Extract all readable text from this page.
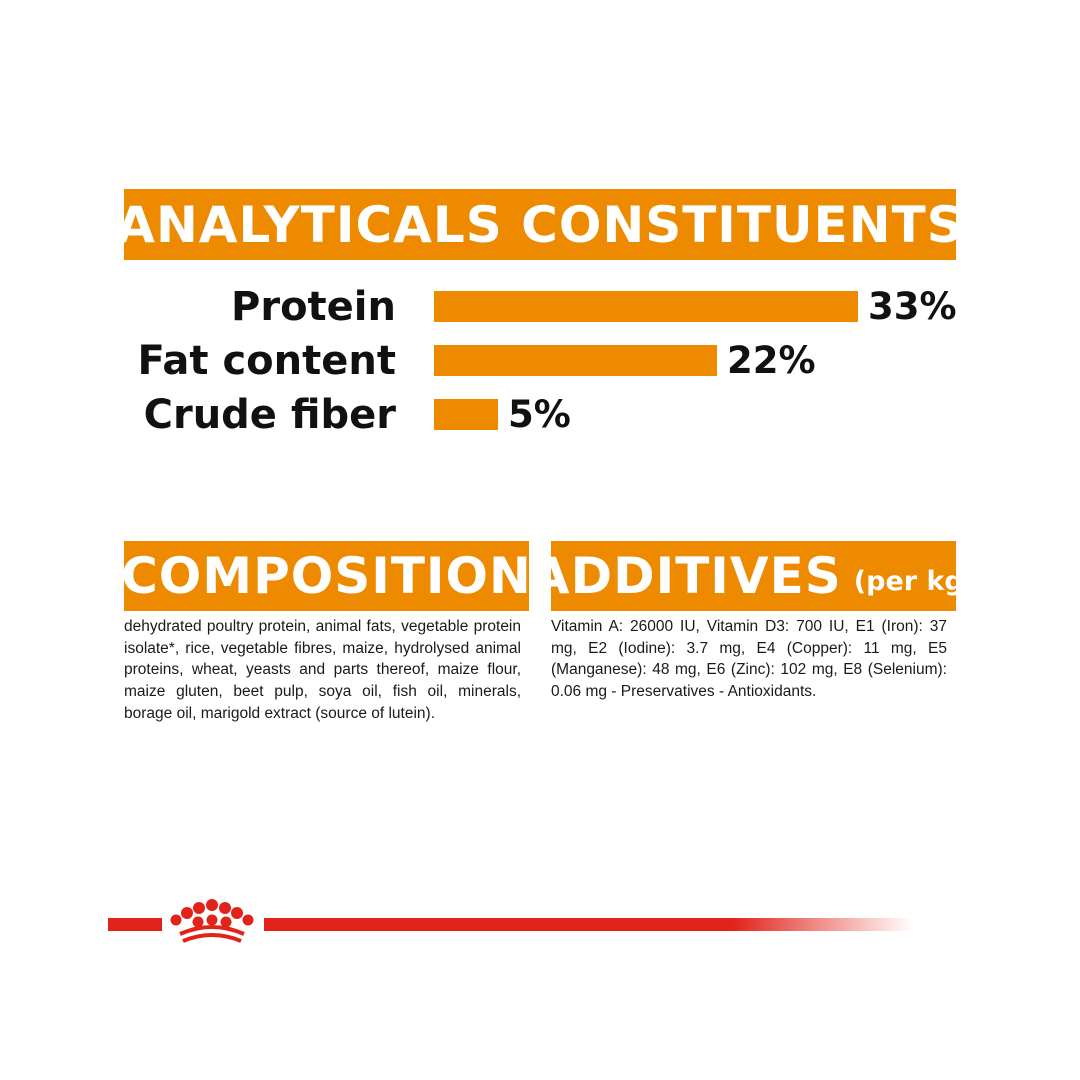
ANALYTICALS CONSTITUENTS
Protein	33%
Fat content	22%
Crude fiber	5%
COMPOSITION

dehydrated poultry protein, animal fats, vegetable protein isolate*, rice, vegetable fibres, maize, hydrolysed animal proteins, wheat, yeasts and parts thereof, maize flour, maize gluten, beet pulp, soya oil, fish oil, minerals, borage oil, marigold extract (source of lutein).

ADDITIVES (per kg)

Vitamin A: 26000 IU, Vitamin D3: 700 IU, E1 (Iron): 37 mg, E2 (Iodine): 3.7 mg, E4 (Copper): 11 mg, E5 (Manganese): 48 mg, E6 (Zinc): 102 mg, E8 (Selenium): 0.06 mg - Preservatives - Antioxidants.
